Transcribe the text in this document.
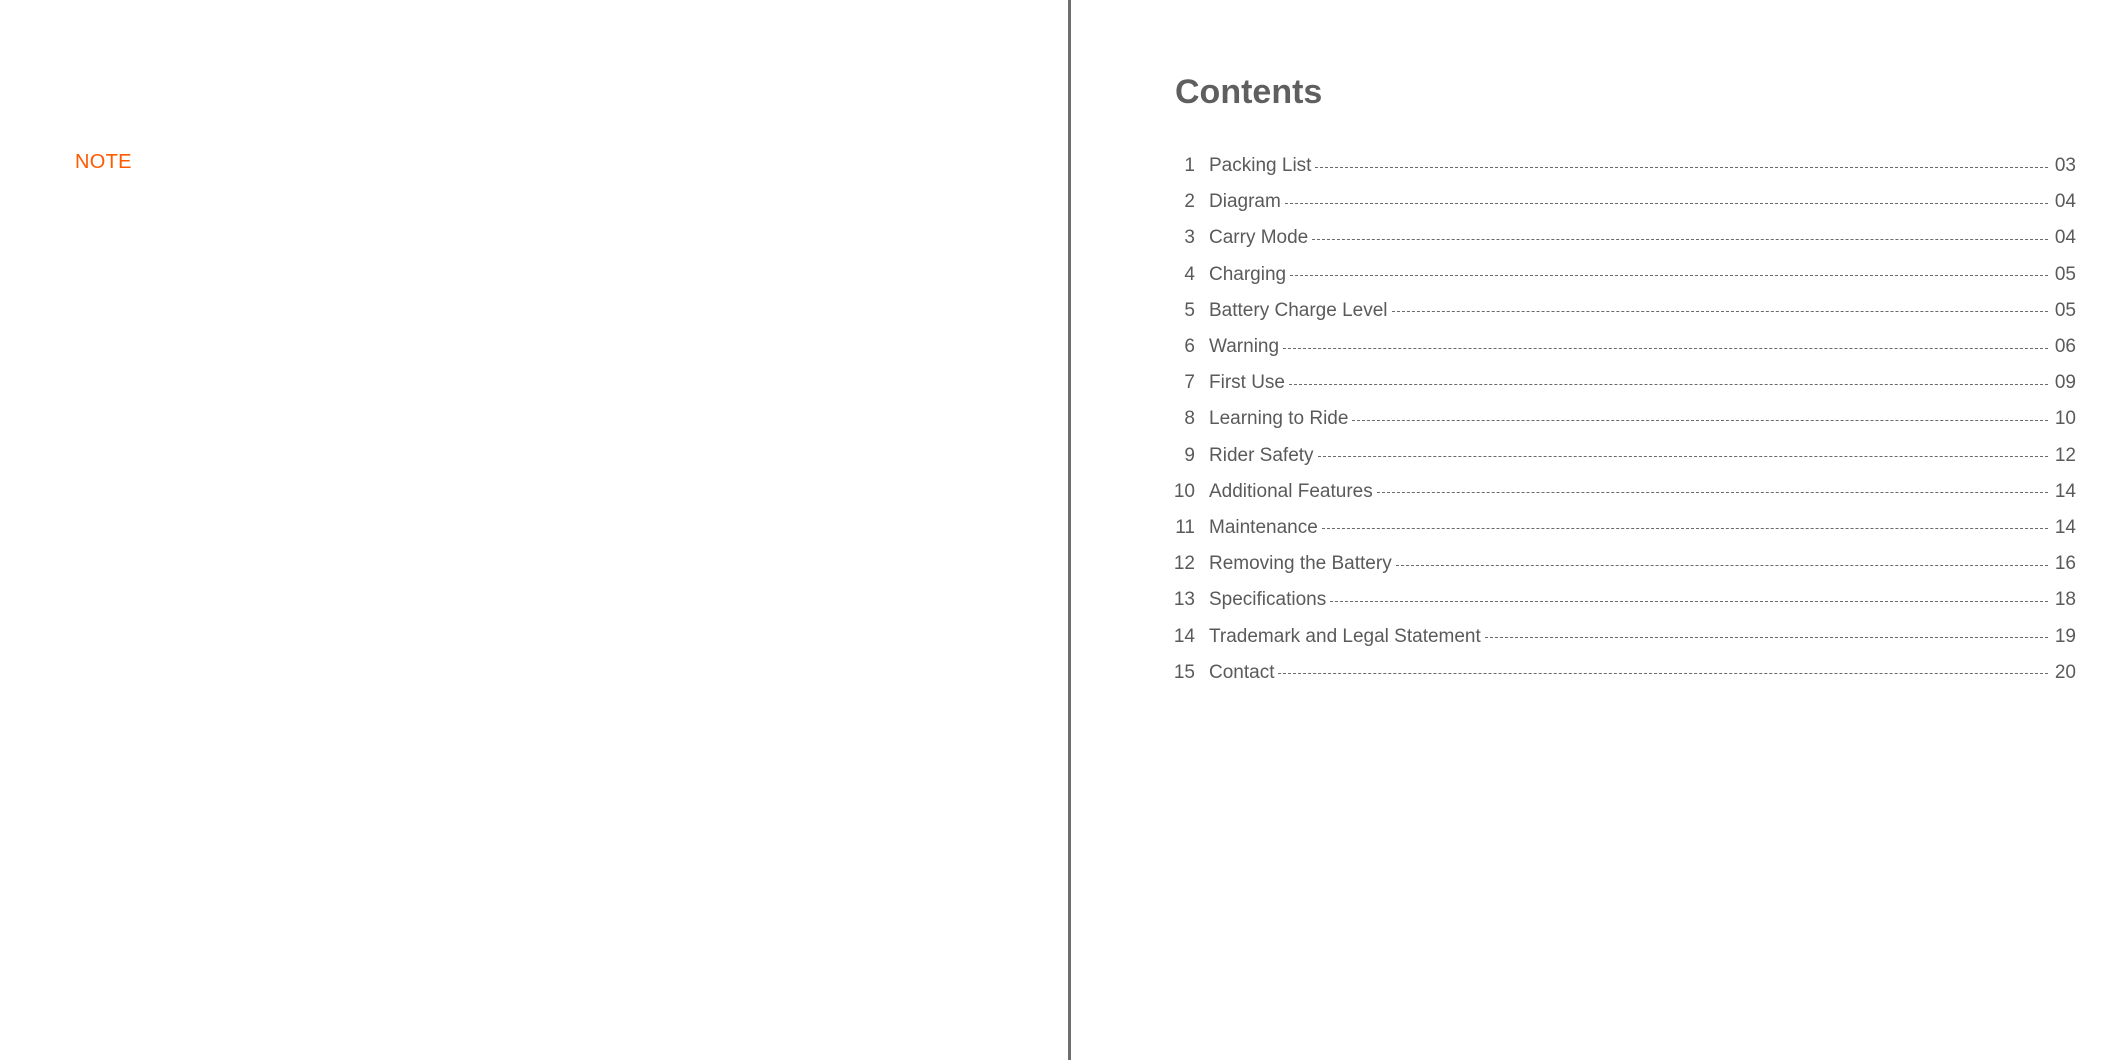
NOTE
Contents
1 Packing List	03
2 Diagram	04
3 Carry Mode	04
4 Charging	05
5 Battery Charge Level	05
6 Warning	06
7 First Use	09
8 Learning to Ride	10
9 Rider Safety	12
10 Additional Features	14
11 Maintenance	14
12 Removing the Battery	16
13 Specifications	18
14 Trademark and Legal Statement	19
15 Contact	20
